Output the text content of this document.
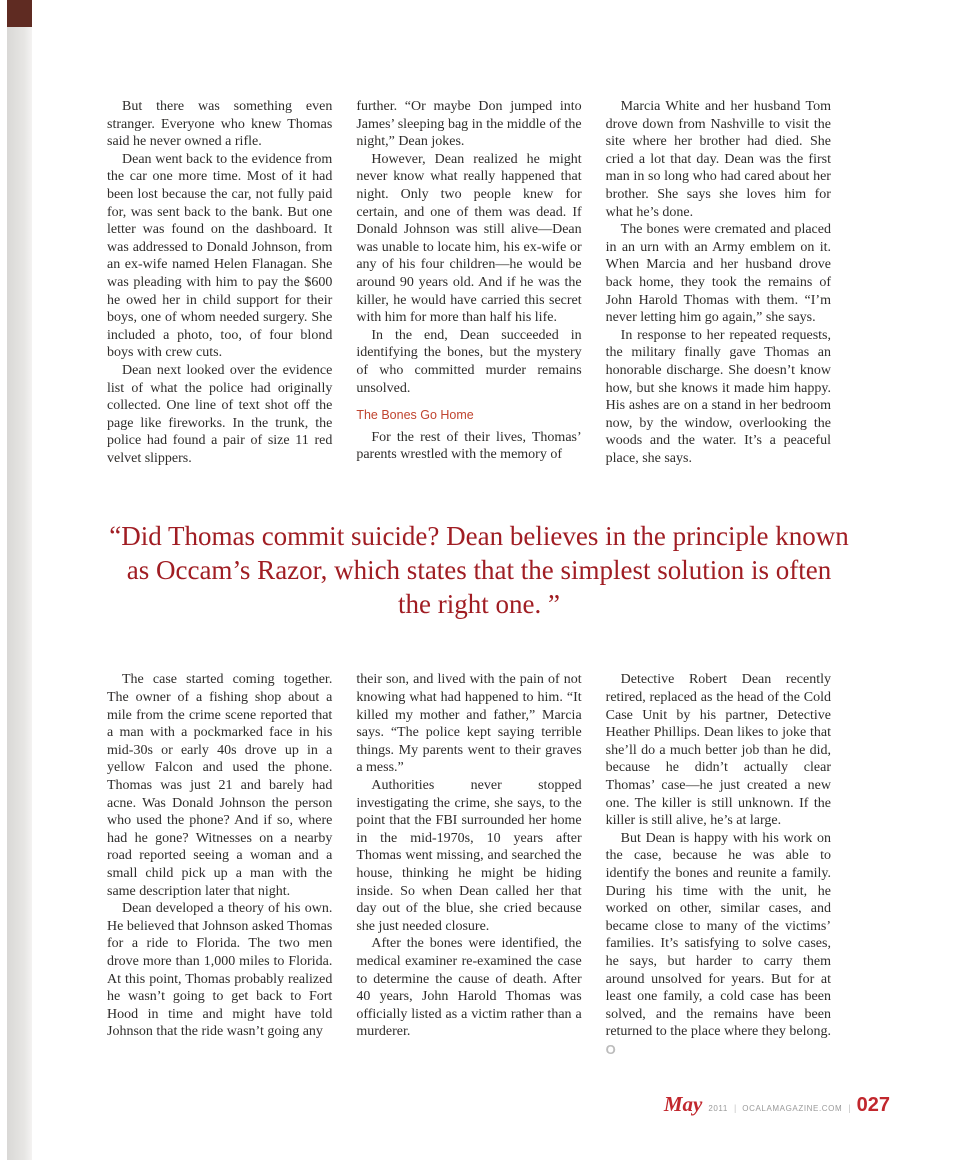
But there was something even stranger. Everyone who knew Thomas said he never owned a rifle.

Dean went back to the evidence from the car one more time. Most of it had been lost because the car, not fully paid for, was sent back to the bank. But one letter was found on the dashboard. It was addressed to Donald Johnson, from an ex-wife named Helen Flanagan. She was pleading with him to pay the $600 he owed her in child support for their boys, one of whom needed surgery. She included a photo, too, of four blond boys with crew cuts.

Dean next looked over the evidence list of what the police had originally collected. One line of text shot off the page like fireworks. In the trunk, the police had found a pair of size 11 red velvet slippers.

further. “Or maybe Don jumped into James’ sleeping bag in the middle of the night,” Dean jokes.

However, Dean realized he might never know what really happened that night. Only two people knew for certain, and one of them was dead. If Donald Johnson was still alive—Dean was unable to locate him, his ex-wife or any of his four children—he would be around 90 years old. And if he was the killer, he would have carried this secret with him for more than half his life.

In the end, Dean succeeded in identifying the bones, but the mystery of who committed murder remains unsolved.

The Bones Go Home

For the rest of their lives, Thomas’ parents wrestled with the memory of

Marcia White and her husband Tom drove down from Nashville to visit the site where her brother had died. She cried a lot that day. Dean was the first man in so long who had cared about her brother. She says she loves him for what he’s done.

The bones were cremated and placed in an urn with an Army emblem on it. When Marcia and her husband drove back home, they took the remains of John Harold Thomas with them. “I’m never letting him go again,” she says.

In response to her repeated requests, the military finally gave Thomas an honorable discharge. She doesn’t know how, but she knows it made him happy. His ashes are on a stand in her bedroom now, by the window, overlooking the woods and the water. It’s a peaceful place, she says.

“Did Thomas commit suicide? Dean believes in the principle known as Occam’s Razor, which states that the simplest solution is often the right one. ”

The case started coming together. The owner of a fishing shop about a mile from the crime scene reported that a man with a pockmarked face in his mid-30s or early 40s drove up in a yellow Falcon and used the phone. Thomas was just 21 and barely had acne. Was Donald Johnson the person who used the phone? And if so, where had he gone? Witnesses on a nearby road reported seeing a woman and a small child pick up a man with the same description later that night.

Dean developed a theory of his own. He believed that Johnson asked Thomas for a ride to Florida. The two men drove more than 1,000 miles to Florida. At this point, Thomas probably realized he wasn’t going to get back to Fort Hood in time and might have told Johnson that the ride wasn’t going any

their son, and lived with the pain of not knowing what had happened to him. “It killed my mother and father,” Marcia says. “The police kept saying terrible things. My parents went to their graves a mess.”

Authorities never stopped investigating the crime, she says, to the point that the FBI surrounded her home in the mid-1970s, 10 years after Thomas went missing, and searched the house, thinking he might be hiding inside. So when Dean called her that day out of the blue, she cried because she just needed closure.

After the bones were identified, the medical examiner re-examined the case to determine the cause of death. After 40 years, John Harold Thomas was officially listed as a victim rather than a murderer.

Detective Robert Dean recently retired, replaced as the head of the Cold Case Unit by his partner, Detective Heather Phillips. Dean likes to joke that she’ll do a much better job than he did, because he didn’t actually clear Thomas’ case—he just created a new one. The killer is still unknown. If the killer is still alive, he’s at large.

But Dean is happy with his work on the case, because he was able to identify the bones and reunite a family. During his time with the unit, he worked on other, similar cases, and became close to many of the victims’ families. It’s satisfying to solve cases, he says, but harder to carry them around unsolved for years. But for at least one family, a cold case has been solved, and the remains have been returned to the place where they belong. O

May 2011 | OCALAMAGAZINE.COM | 027
